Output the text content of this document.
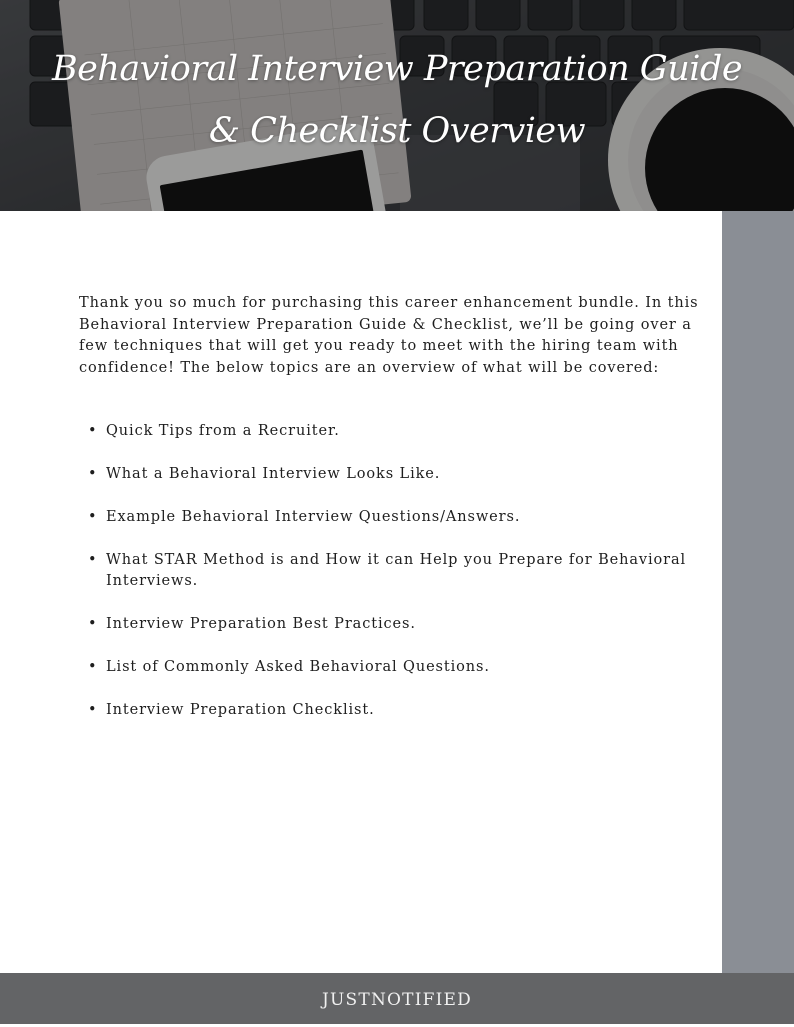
Behavioral Interview Preparation Guide
& Checklist Overview

Thank you so much for purchasing this career enhancement bundle. In this Behavioral Interview Preparation Guide & Checklist, we’ll be going over a few techniques that will get you ready to meet with the hiring team with confidence! The below topics are an overview of what will be covered:

• Quick Tips from a Recruiter.
• What a Behavioral Interview Looks Like.
• Example Behavioral Interview Questions/Answers.
• What STAR Method is and How it can Help you Prepare for Behavioral Interviews.
• Interview Preparation Best Practices.
• List of Commonly Asked Behavioral Questions.
• Interview Preparation Checklist.
JUSTNOTIFIED
